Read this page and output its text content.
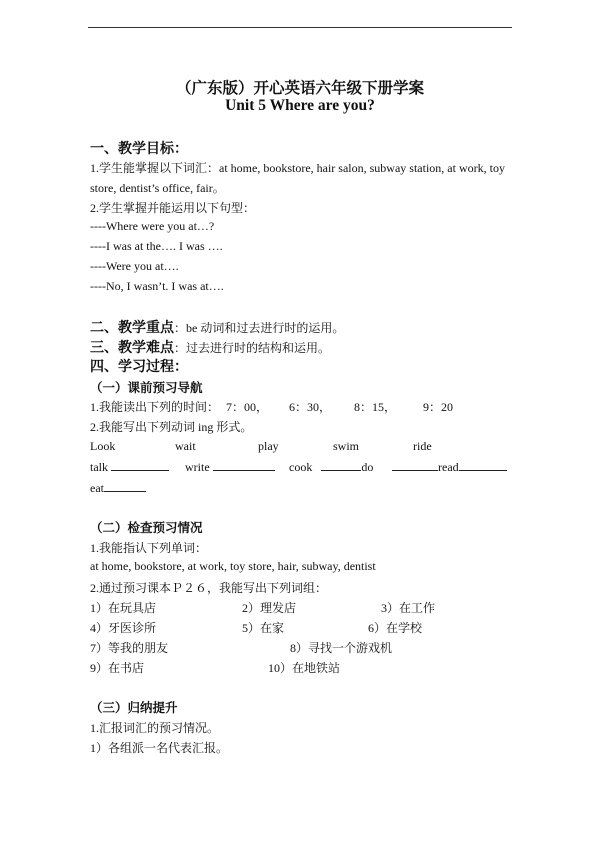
（广东版）开心英语六年级下册学案
Unit 5 Where are you?
一、教学目标：
1.学生能掌握以下词汇：at home, bookstore, hair salon, subway station, at work, toy
store, dentist’s office, fair。
2.学生掌握并能运用以下句型：
----Where were you at…?
----I was at the…. I was ….
----Were you at….
----No, I wasn’t. I was at….
二、教学重点：be 动词和过去进行时的运用。
三、教学难点：过去进行时的结构和运用。
四、学习过程：
（一）课前预习导航
1.我能读出下列的时间： 7：00， 6：30， 8：15， 9：20
2.我能写出下列动词 ing 形式。
Look	wait	play	swim	ride
talk	write	cook	do	read
eat
（二）检查预习情况
1.我能指认下列单词：
at home, bookstore, at work, toy store, hair, subway, dentist
2.通过预习课本Ｐ２６，我能写出下列词组：
1）在玩具店	2）理发店	3）在工作
4）牙医诊所	5）在家	6）在学校
7）等我的朋友	8）寻找一个游戏机
9）在书店	10）在地铁站
（三）归纳提升
1.汇报词汇的预习情况。
1）各组派一名代表汇报。
